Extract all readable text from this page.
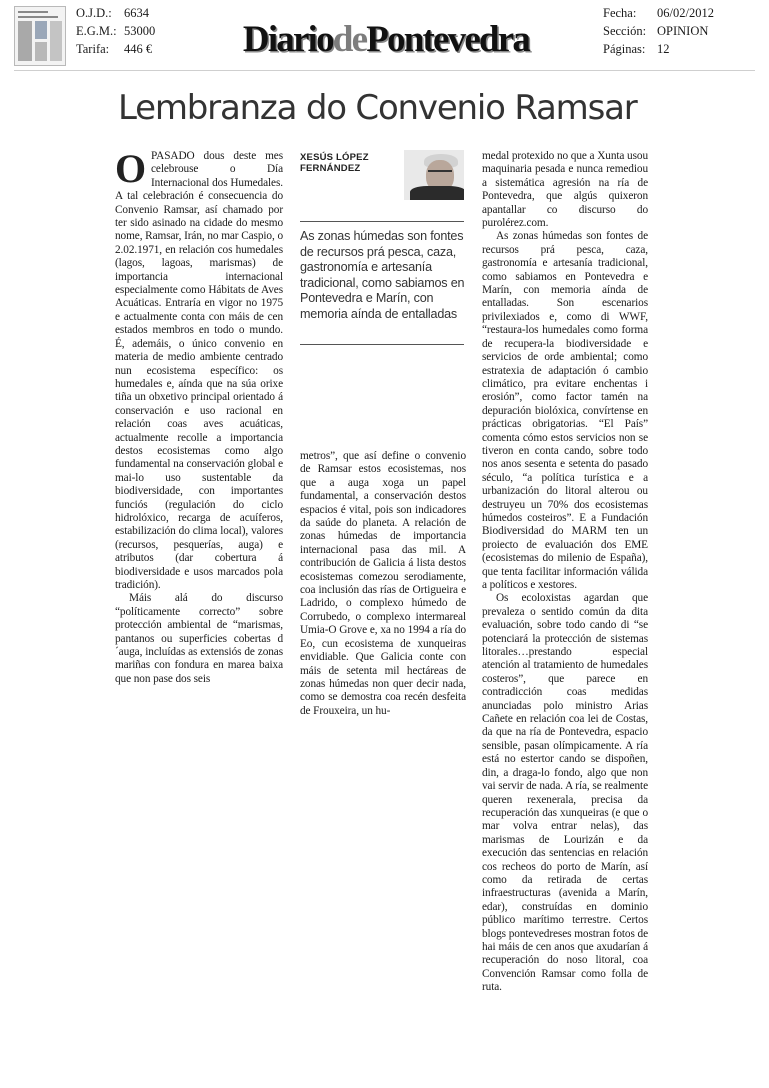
O.J.D.: 6634
E.G.M.: 53000
Tarifa:	446 €	DiariodePontevedra
Fecha:	06/02/2012
Sección: OPINION
Páginas: 12
Lembranza do Convenio Ramsar

OPASADO dous deste mes celebrouse o Día Internacional dos Humedales. A tal celebración é consecuencia do Convenio Ramsar, así chamado por ter sido asinado na cidade do mesmo nome, Ramsar, Irán, no mar Caspio, o 2.02.1971, en relación cos humedales (lagos, lagoas, marismas) de importancia internacional especialmente como Hábitats de Aves Acuáticas. Entraría en vigor no 1975 e actualmente conta con máis de cen estados membros en todo o mundo. É, ademáis, o único convenio en materia de medio ambiente centrado nun ecosistema específico: os humedales e, aínda que na súa orixe tiña un obxetivo principal orientado á conservación e uso racional en relación coas aves acuáticas, actualmente recolle a importancia destos ecosistemas como algo fundamental na conservación global e mai-lo uso sustentable da biodiversidade, con importantes funciós (regulación do ciclo hidrolóxico, recarga de acuíferos, estabilización do clima local), valores (recursos, pesquerías, auga) e atributos (dar cobertura á biodiversidade e usos marcados pola tradición).

Máis alá do discurso “políticamente correcto” sobre protección ambiental de “marismas, pantanos ou superficies cobertas d´auga, incluídas as extensiós de zonas mariñas con fondura en marea baixa que non pase dos seis

XESÚS LÓPEZ
FERNÁNDEZ
As zonas húmedas son fontes de recursos prá pesca, caza, gastronomía e artesanía tradicional, como sabiamos en Pontevedra e Marín, con memoria aínda de entalladas

metros”, que así define o convenio de Ramsar estos ecosistemas, nos que a auga xoga un papel fundamental, a conservación destos espacios é vital, pois son indicadores da saúde do planeta. A relación de zonas húmedas de importancia internacional pasa das mil. A contribución de Galicia á lista destos ecosistemas comezou serodiamente, coa inclusión das rías de Ortigueira e Ladrido, o complexo húmedo de Corrubedo, o complexo intermareal Umia-O Grove e, xa no 1994 a ría do Eo, cun ecosistema de xunqueiras envidiable. Que Galicia conte con máis de setenta mil hectáreas de zonas húmedas non quer decir nada, como se demostra coa recén desfeita de Frouxeira, un hu-

medal protexido no que a Xunta usou maquinaria pesada e nunca remediou a sistemática agresión na ría de Pontevedra, que algús quixeron apantallar co discurso do purolérez.com.

As zonas húmedas son fontes de recursos prá pesca, caza, gastronomía e artesanía tradicional, como sabiamos en Pontevedra e Marín, con memoria aínda de entalladas. Son escenarios privilexiados e, como di WWF, “restaura-los humedales como forma de recupera-la biodiversidade e servicios de orde ambiental; como estratexia de adaptación ó cambio climático, pra evitare enchentas i erosión”, como factor tamén na depuración biolóxica, convírtense en prácticas obrigatorias. “El País” comenta cómo estos servicios non se tiveron en conta cando, sobre todo nos anos sesenta e setenta do pasado século, “a política turística e a urbanización do litoral alterou ou destruyeu un 70% dos ecosistemas húmedos costeiros”. E a Fundación Biodiversidad do MARM ten un proiecto de evaluación dos EME (ecosistemas do milenio de España), que tenta facilitar información válida a políticos e xestores.

Os ecoloxistas agardan que prevaleza o sentido común da dita evaluación, sobre todo cando di “se potenciará la protección de sistemas litorales…prestando especial atención al tratamiento de humedales costeros”, que parece en contradicción coas medidas anunciadas polo ministro Arias Cañete en relación coa lei de Costas, da que na ría de Pontevedra, espacio sensible, pasan olímpicamente. A ría está no estertor cando se dispoñen, din, a draga-lo fondo, algo que non vai servir de nada. A ría, se realmente queren rexenerala, precisa da recuperación das xunqueiras (e que o mar volva entrar nelas), das marismas de Lourizán e da execución das sentencias en relación cos recheos do porto de Marín, así como da retirada de certas infraestructuras (avenida a Marín, edar), construídas en dominio público marítimo terrestre. Certos blogs pontevedreses mostran fotos de hai máis de cen anos que axudarían á recuperación do noso litoral, coa Convención Ramsar como folla de ruta.
